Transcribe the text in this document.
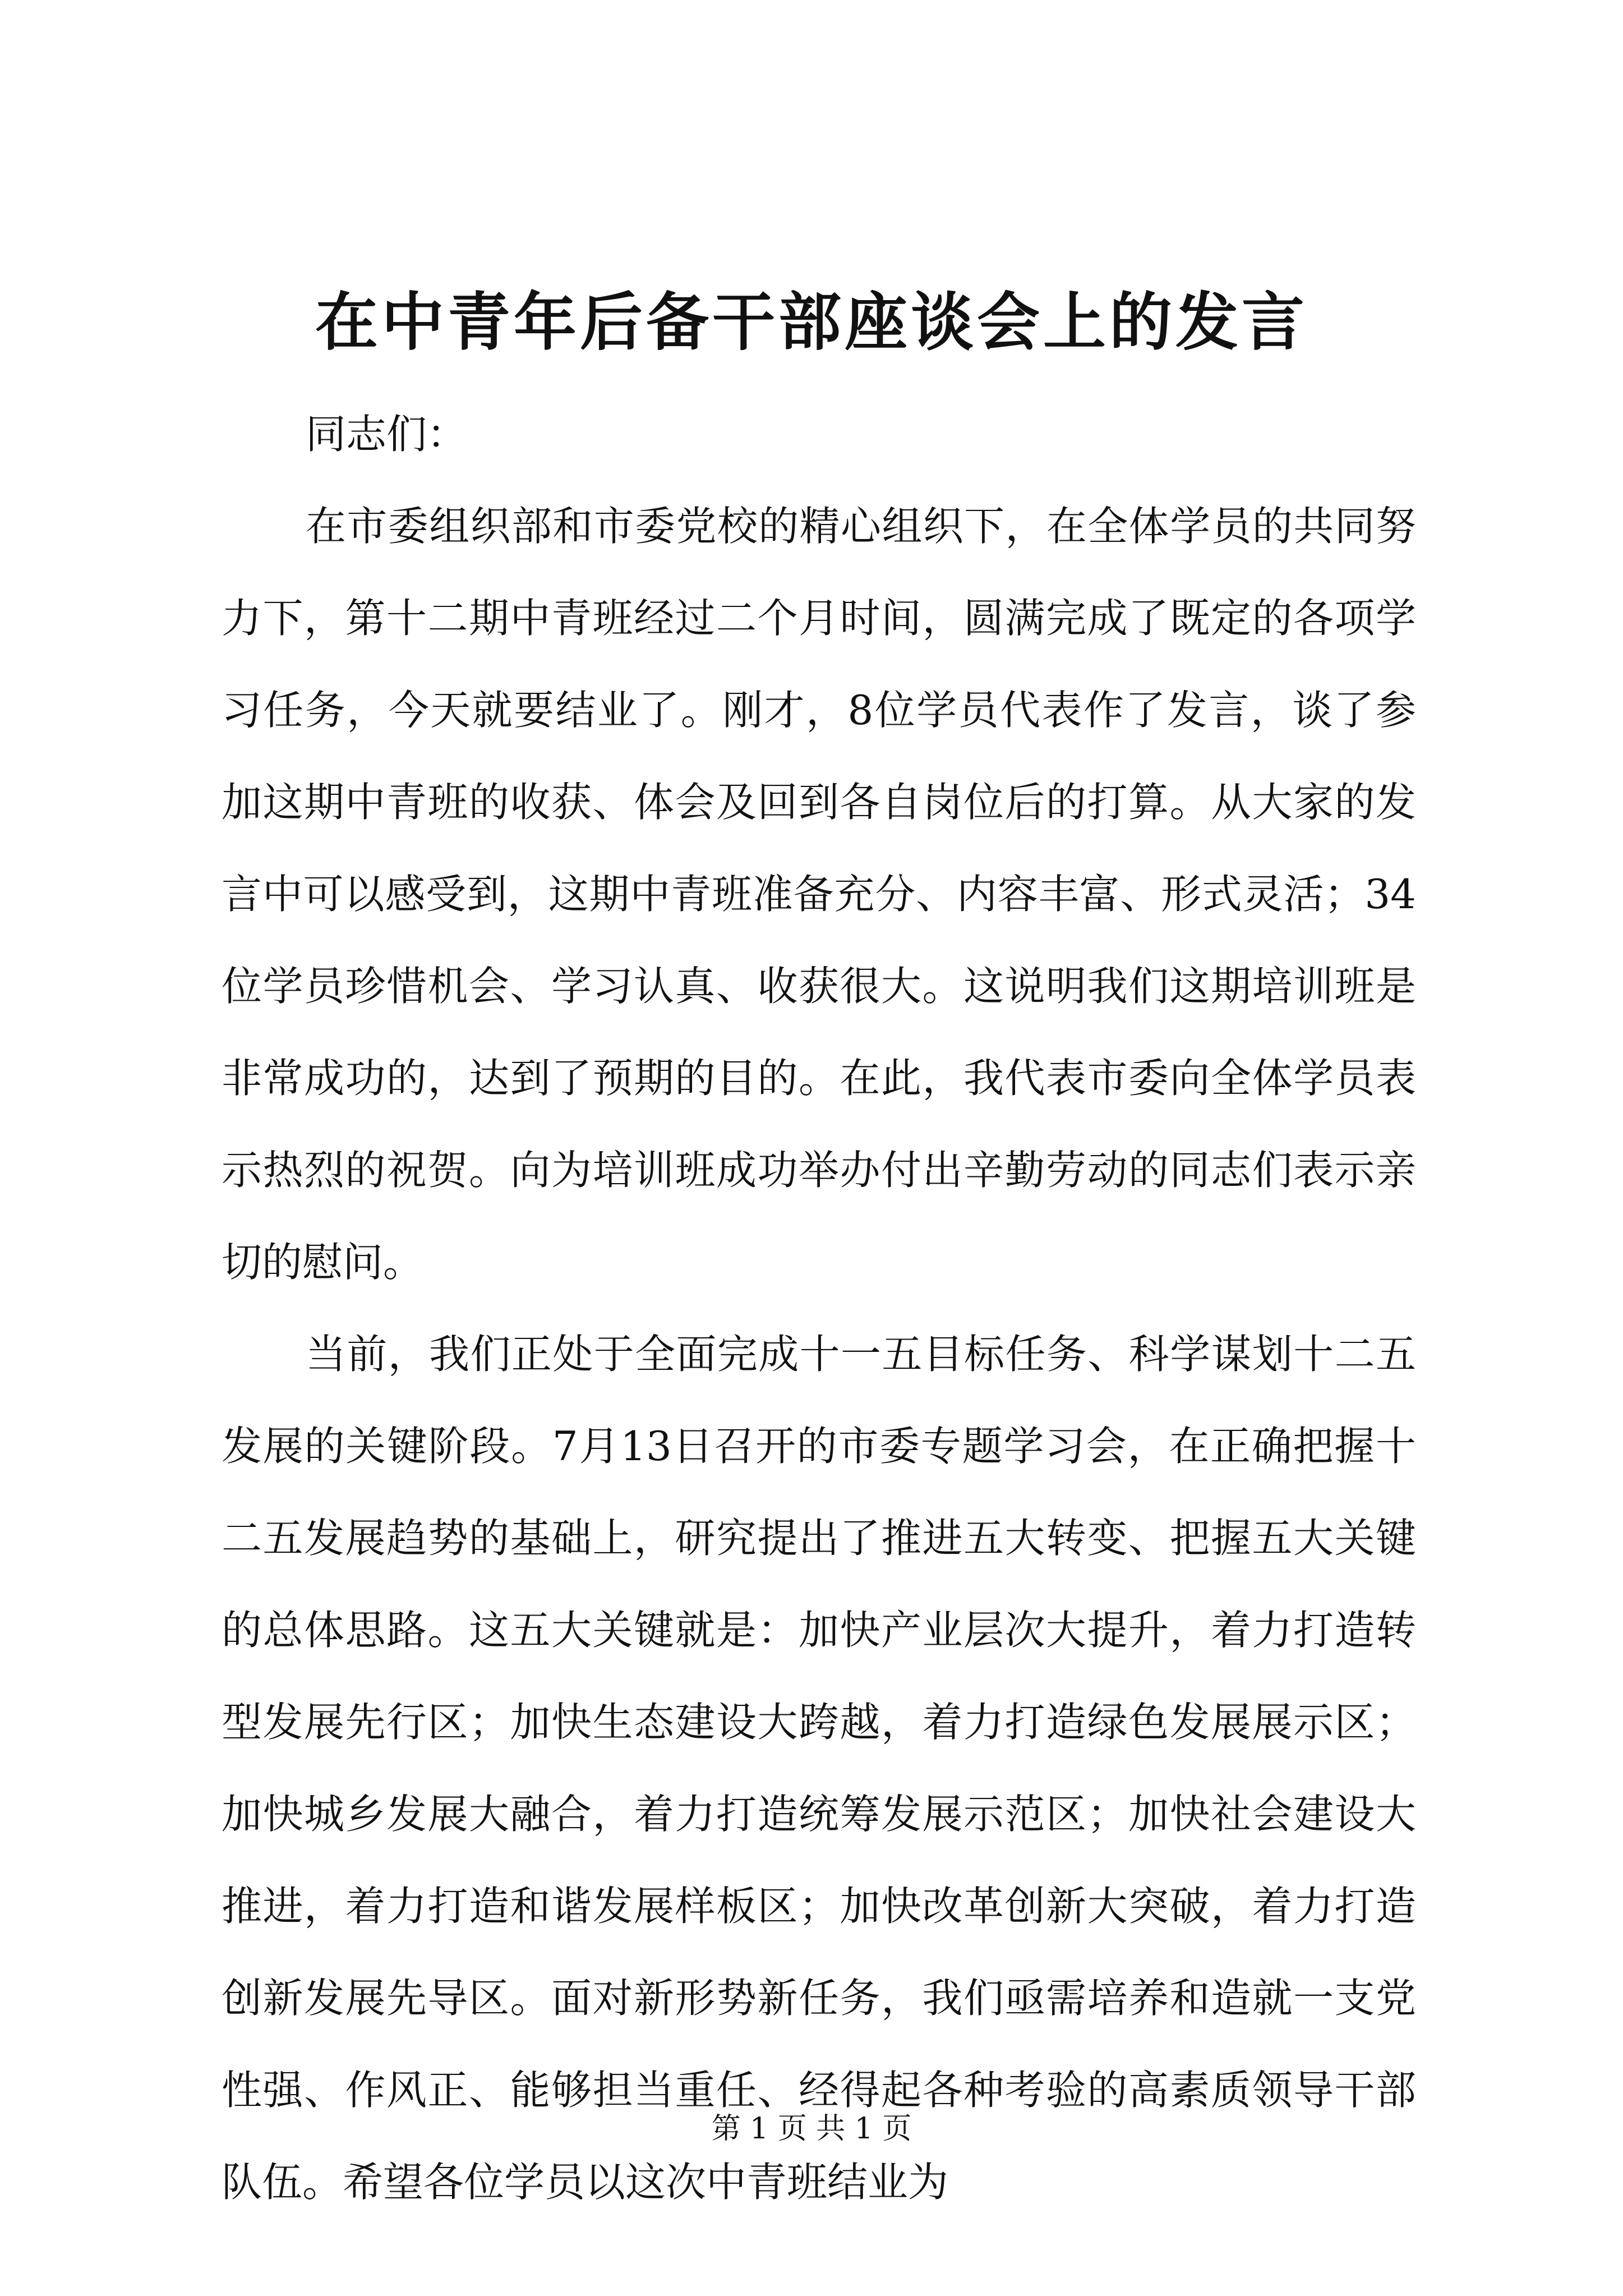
在中青年后备干部座谈会上的发言

同志们：

在市委组织部和市委党校的精心组织下，在全体学员的共同努力下，第十二期中青班经过二个月时间，圆满完成了既定的各项学习任务，今天就要结业了。刚才，8位学员代表作了发言，谈了参加这期中青班的收获、体会及回到各自岗位后的打算。从大家的发言中可以感受到，这期中青班准备充分、内容丰富、形式灵活；34位学员珍惜机会、学习认真、收获很大。这说明我们这期培训班是非常成功的，达到了预期的目的。在此，我代表市委向全体学员表示热烈的祝贺。向为培训班成功举办付出辛勤劳动的同志们表示亲切的慰问。

当前，我们正处于全面完成十一五目标任务、科学谋划十二五发展的关键阶段。7月13日召开的市委专题学习会，在正确把握十二五发展趋势的基础上，研究提出了推进五大转变、把握五大关键的总体思路。这五大关键就是：加快产业层次大提升，着力打造转型发展先行区；加快生态建设大跨越，着力打造绿色发展展示区；加快城乡发展大融合，着力打造统筹发展示范区；加快社会建设大推进，着力打造和谐发展样板区；加快改革创新大突破，着力打造创新发展先导区。面对新形势新任务，我们亟需培养和造就一支党性强、作风正、能够担当重任、经得起各种考验的高素质领导干部队伍。希望各位学员以这次中青班结业为

第 1 页 共 1 页
